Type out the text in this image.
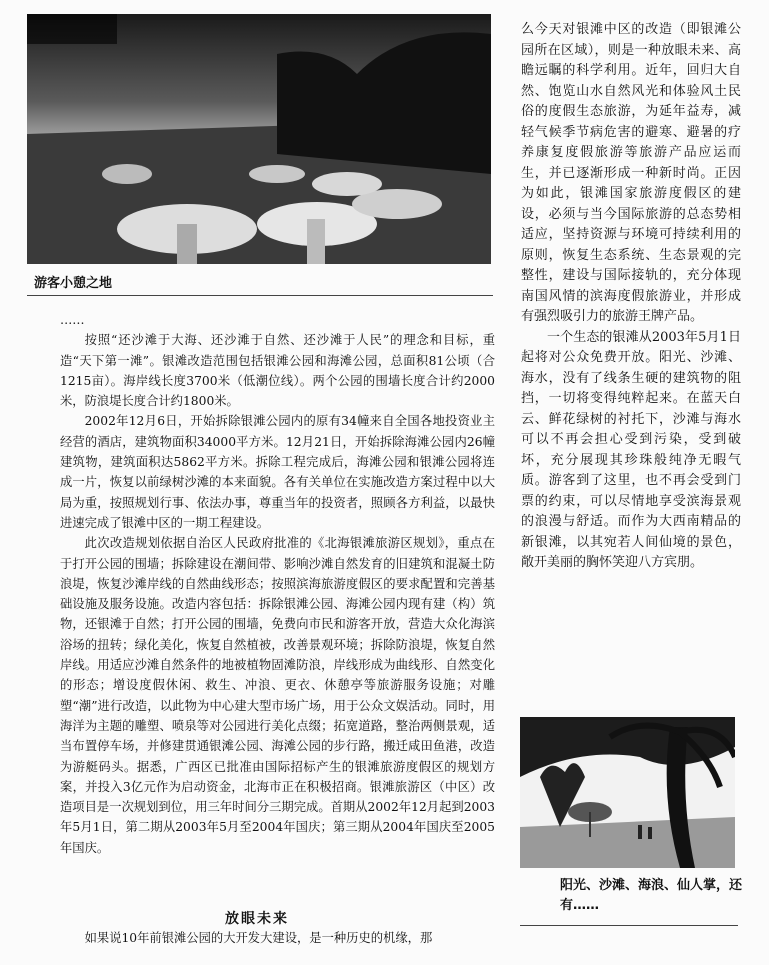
游客小憩之地

……

按照“还沙滩于大海、还沙滩于自然、还沙滩于人民”的理念和目标，重造“天下第一滩”。银滩改造范围包括银滩公园和海滩公园，总面积81公顷（合1215亩）。海岸线长度3700米（低潮位线）。两个公园的围墙长度合计约2000米，防浪堤长度合计约1800米。

2002年12月6日，开始拆除银滩公园内的原有34幢来自全国各地投资业主经营的酒店，建筑物面积34000平方米。12月21日，开始拆除海滩公园内26幢建筑物，建筑面积达5862平方米。拆除工程完成后，海滩公园和银滩公园将连成一片，恢复以前绿树沙滩的本来面貌。各有关单位在实施改造方案过程中以大局为重，按照规划行事、依法办事，尊重当年的投资者，照顾各方利益，以最快进速完成了银滩中区的一期工程建设。

此次改造规划依据自治区人民政府批准的《北海银滩旅游区规划》，重点在于打开公园的围墙；拆除建设在潮间带、影响沙滩自然发育的旧建筑和混凝土防浪堤，恢复沙滩岸线的自然曲线形态；按照滨海旅游度假区的要求配置和完善基础设施及服务设施。改造内容包括：拆除银滩公园、海滩公园内现有建（构）筑物，还银滩于自然；打开公园的围墙，免费向市民和游客开放，营造大众化海滨浴场的扭转；绿化美化，恢复自然植被，改善景观环境；拆除防浪堤，恢复自然岸线。用适应沙滩自然条件的地被植物固滩防浪，岸线形成为曲线形、自然变化的形态；增设度假休闲、救生、冲浪、更衣、休憩亭等旅游服务设施；对雕塑“潮”进行改造，以此物为中心建大型市场广场，用于公众文娱活动。同时，用海洋为主题的雕塑、喷泉等对公园进行美化点缀；拓宽道路，整治两侧景观，适当布置停车场，并修建贯通银滩公园、海滩公园的步行路，搬迁咸田鱼港，改造为游艇码头。据悉，广西区已批准由国际招标产生的银滩旅游度假区的规划方案，并投入3亿元作为启动资金，北海市正在积极招商。银滩旅游区（中区）改造项目是一次规划到位，用三年时间分三期完成。首期从2002年12月起到2003年5月1日，第二期从2003年5月至2004年国庆；第三期从2004年国庆至2005年国庆。

放眼未来
如果说10年前银滩公园的大开发大建设，是一种历史的机缘，那

么今天对银滩中区的改造（即银滩公园所在区域），则是一种放眼未来、高瞻远瞩的科学利用。近年，回归大自然、饱览山水自然风光和体验风土民俗的度假生态旅游，为延年益寿，减轻气候季节病危害的避寒、避暑的疗养康复度假旅游等旅游产品应运而生，并已逐渐形成一种新时尚。正因为如此，银滩国家旅游度假区的建设，必须与当今国际旅游的总态势相适应，坚持资源与环境可持续利用的原则，恢复生态系统、生态景观的完整性，建设与国际接轨的，充分体现南国风情的滨海度假旅游业，并形成有强烈吸引力的旅游王牌产品。

一个生态的银滩从2003年5月1日起将对公众免费开放。阳光、沙滩、海水，没有了线条生硬的建筑物的阻挡，一切将变得纯粹起来。在蓝天白云、鲜花绿树的衬托下，沙滩与海水可以不再会担心受到污染，受到破坏，充分展现其珍珠般纯净无暇气质。游客到了这里，也不再会受到门票的约束，可以尽情地享受滨海景观的浪漫与舒适。而作为大西南精品的新银滩，以其宛若人间仙境的景色，敞开美丽的胸怀笑迎八方宾朋。

阳光、沙滩、海浪、仙人掌，还有……
